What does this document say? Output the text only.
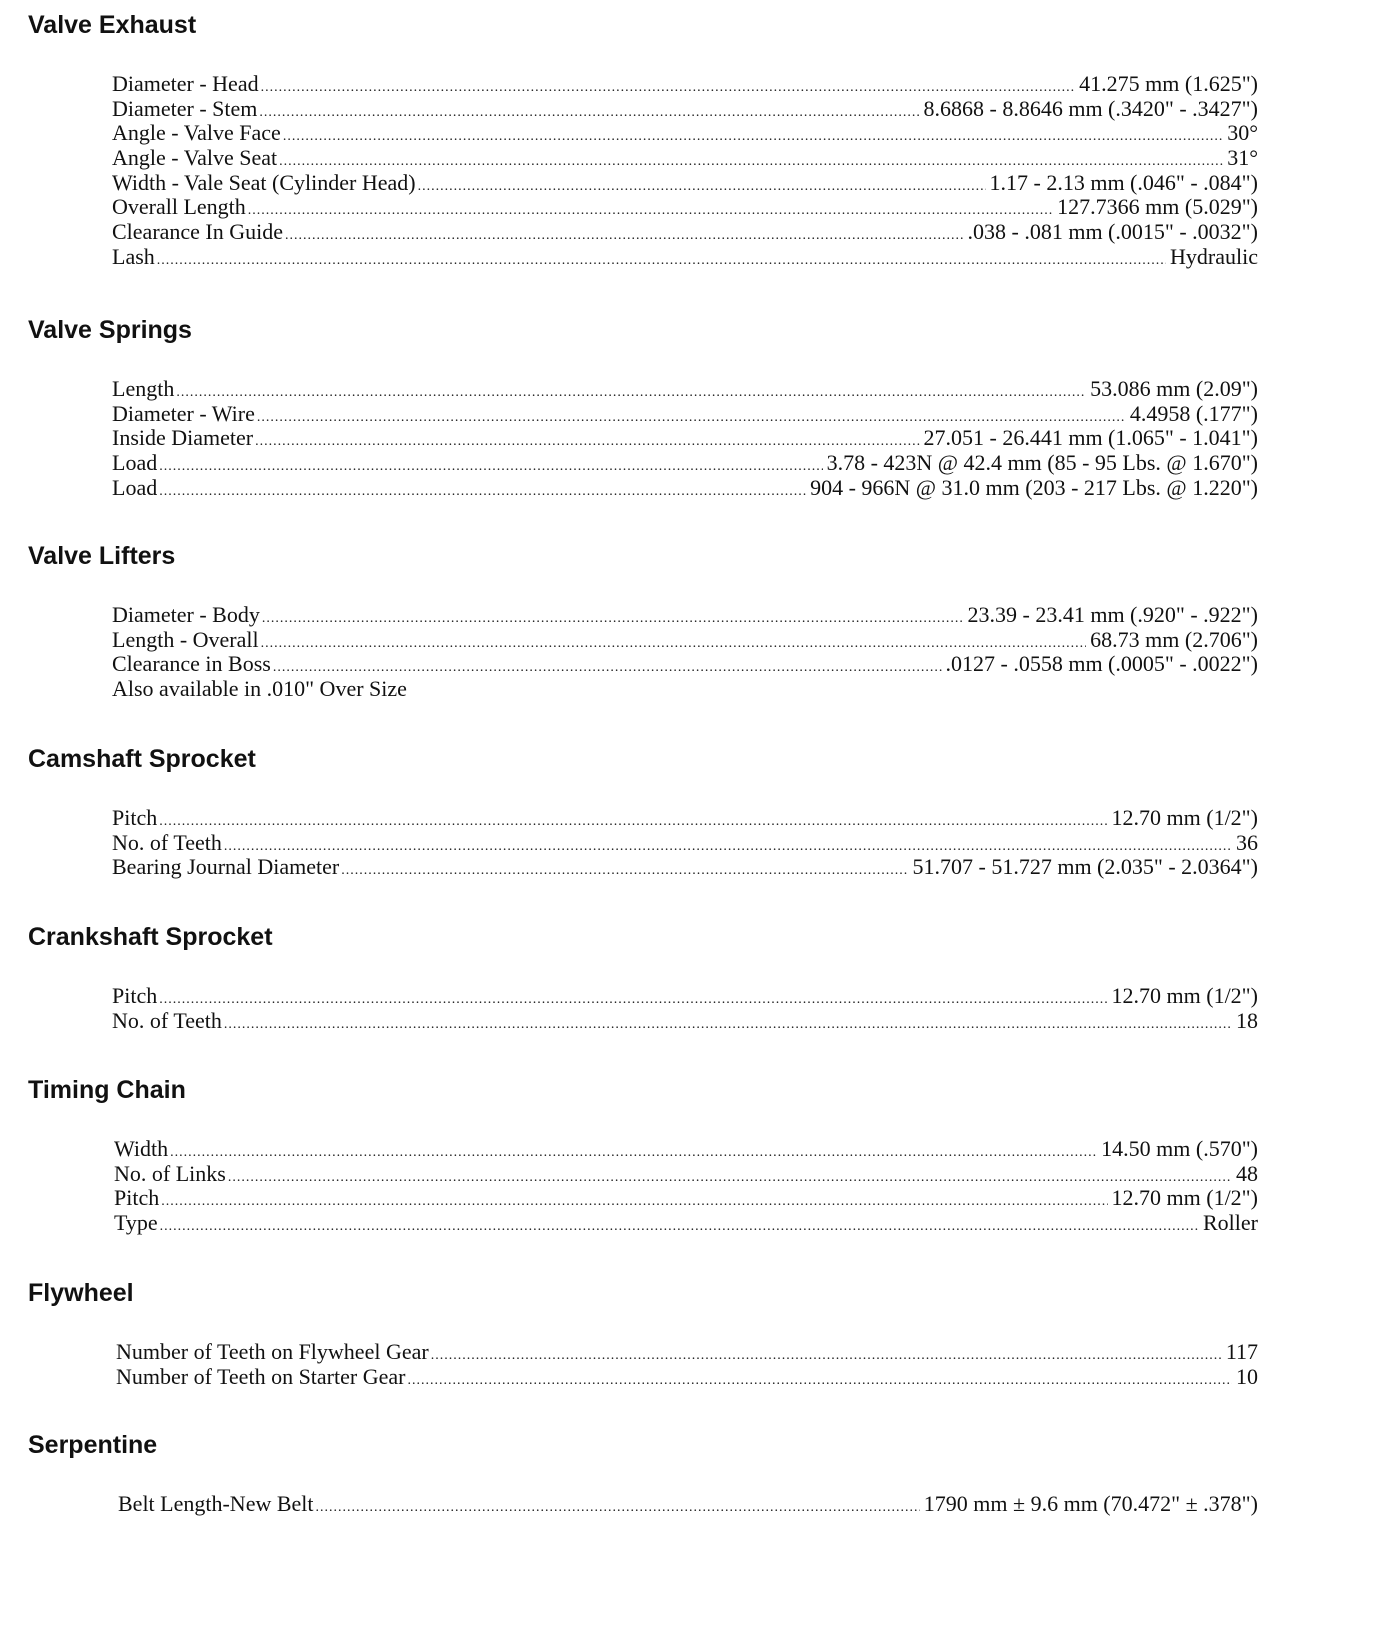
Valve Exhaust
Diameter - Head .....	41.275 mm (1.625")
Diameter - Stem .....	8.6868 - 8.8646 mm (.3420" - .3427")
Angle - Valve Face .....	30°
Angle - Valve Seat .....	31°
Width - Vale Seat (Cylinder Head) .....	1.17 - 2.13 mm (.046" - .084")
Overall Length .....	127.7366 mm (5.029")
Clearance In Guide .....	.038 - .081 mm (.0015" - .0032")
Lash .....	Hydraulic
Valve Springs
Length .....	53.086 mm (2.09")
Diameter - Wire .....	4.4958 (.177")
Inside Diameter .....	27.051 - 26.441 mm (1.065" - 1.041")
Load .....	3.78 - 423N @ 42.4 mm (85 - 95 Lbs. @ 1.670")
Load .....	904 - 966N @ 31.0 mm (203 - 217 Lbs. @ 1.220")
Valve Lifters
Diameter - Body .....	23.39 - 23.41 mm (.920" - .922")
Length - Overall .....	68.73 mm (2.706")
Clearance in Boss .....	.0127 - .0558 mm (.0005" - .0022")
Also available in .010" Over Size
Camshaft Sprocket
Pitch .....	12.70 mm (1/2")
No. of Teeth .....	36
Bearing Journal Diameter .....	51.707 - 51.727 mm (2.035" - 2.0364")
Crankshaft Sprocket
Pitch .....	12.70 mm (1/2")
No. of Teeth .....	18
Timing Chain
Width .....	14.50 mm (.570")
No. of Links .....	48
Pitch .....	12.70 mm (1/2")
Type .....	Roller
Flywheel
Number of Teeth on Flywheel Gear .....	117
Number of Teeth on Starter Gear .....	10
Serpentine
Belt Length-New Belt .....	1790 mm ± 9.6 mm (70.472" ± .378")
